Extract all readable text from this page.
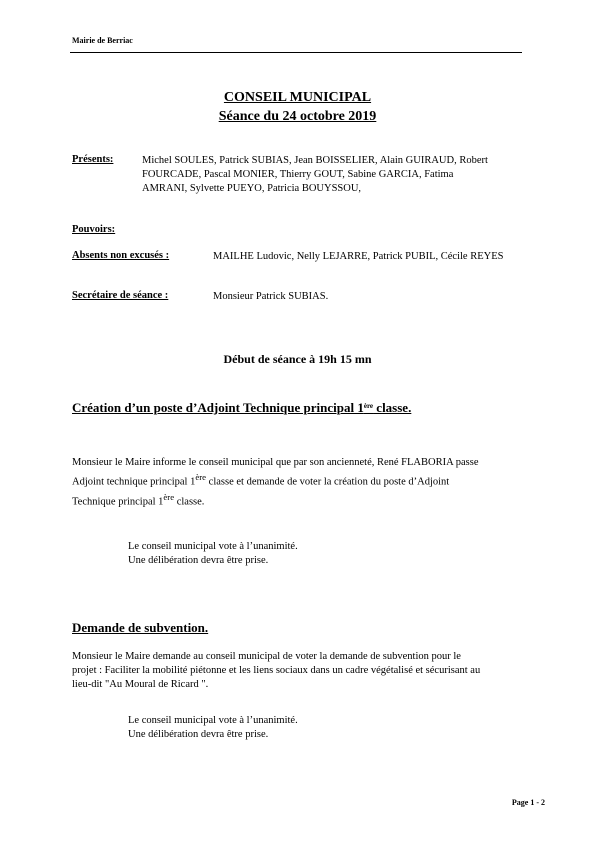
Mairie de Berriac
CONSEIL MUNICIPAL
Séance du 24 octobre 2019
Présents:	Michel SOULES, Patrick SUBIAS, Jean BOISSELIER, Alain GUIRAUD, Robert
FOURCADE, Pascal MONIER, Thierry GOUT, Sabine GARCIA, Fatima
AMRANI, Sylvette PUEYO, Patricia BOUYSSOU,
Pouvoirs:
Absents non excusés :	MAILHE Ludovic, Nelly LEJARRE, Patrick PUBIL, Cécile REYES
Secrétaire de séance :	Monsieur Patrick SUBIAS.
Début de séance à 19h 15 mn
Création d’un poste d’Adjoint Technique principal 1ère classe.
Monsieur le Maire informe le conseil municipal que par son ancienneté, René FLABORIA passe
Adjoint technique principal 1ère classe et demande de voter la création du poste d’Adjoint
Technique principal 1ère classe.
Le conseil municipal vote à l’unanimité.
Une délibération devra être prise.
Demande de subvention.
Monsieur le Maire demande au conseil municipal de voter la demande de subvention pour le
projet : Faciliter la mobilité piétonne et les liens sociaux dans un cadre végétalisé et sécurisant au
lieu-dit "Au Moural de Ricard ".
Le conseil municipal vote à l’unanimité.
Une délibération devra être prise.
Page 1 - 2
